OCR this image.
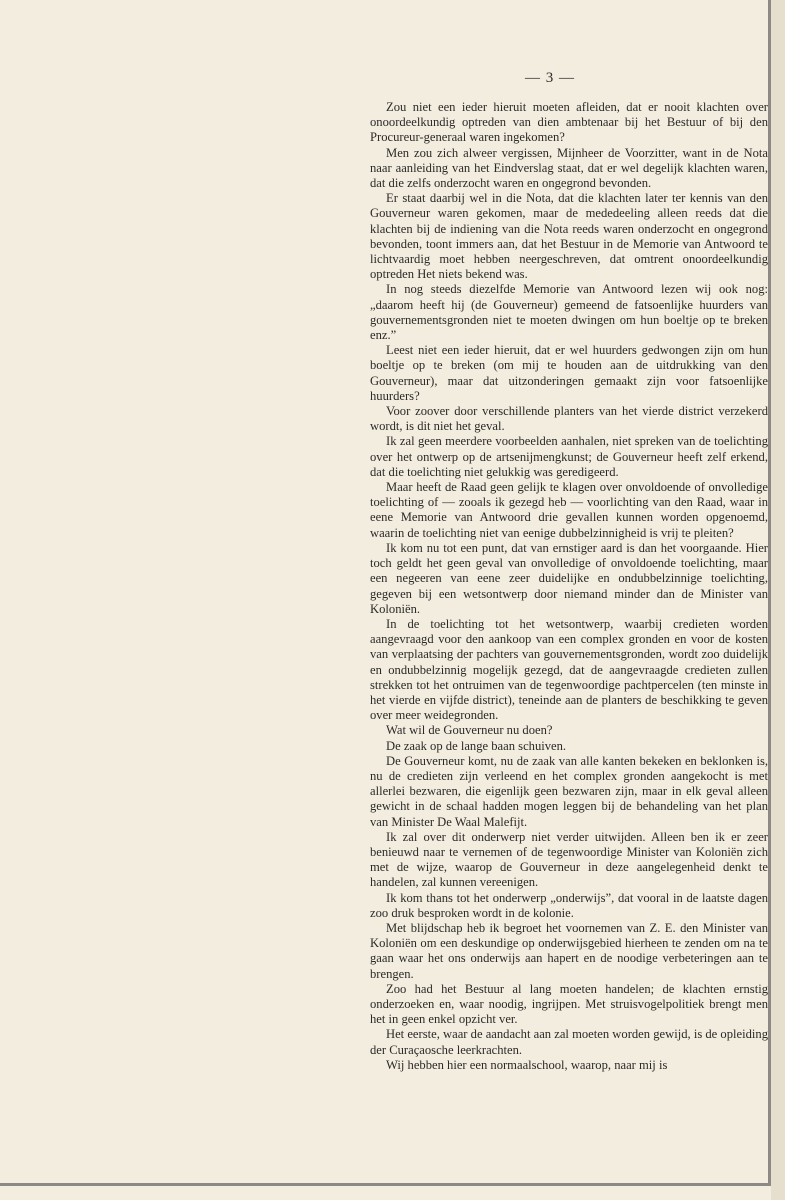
— 3 —

Zou niet een ieder hieruit moeten afleiden, dat er nooit klachten over onoordeelkundig optreden van dien ambtenaar bij het Bestuur of bij den Procureur-generaal waren ingekomen?

Men zou zich alweer vergissen, Mijnheer de Voorzitter, want in de Nota naar aanleiding van het Eindverslag staat, dat er wel degelijk klachten waren, dat die zelfs onderzocht waren en ongegrond bevonden.

Er staat daarbij wel in die Nota, dat die klachten later ter kennis van den Gouverneur waren gekomen, maar de mededeeling alleen reeds dat die klachten bij de indiening van die Nota reeds waren onderzocht en ongegrond bevonden, toont immers aan, dat het Bestuur in de Memorie van Antwoord te lichtvaardig moet hebben neergeschreven, dat omtrent onoordeelkundig optreden Het niets bekend was.

In nog steeds diezelfde Memorie van Antwoord lezen wij ook nog: „daarom heeft hij (de Gouverneur) gemeend de fatsoenlijke huurders van gouvernementsgronden niet te moeten dwingen om hun boeltje op te breken enz.”

Leest niet een ieder hieruit, dat er wel huurders gedwongen zijn om hun boeltje op te breken (om mij te houden aan de uitdrukking van den Gouverneur), maar dat uitzonderingen gemaakt zijn voor fatsoenlijke huurders?

Voor zoover door verschillende planters van het vierde district verzekerd wordt, is dit niet het geval.

Ik zal geen meerdere voorbeelden aanhalen, niet spreken van de toelichting over het ontwerp op de artsenijmengkunst; de Gouverneur heeft zelf erkend, dat die toelichting niet gelukkig was geredigeerd.

Maar heeft de Raad geen gelijk te klagen over onvoldoende of onvolledige toelichting of — zooals ik gezegd heb — voorlichting van den Raad, waar in eene Memorie van Antwoord drie gevallen kunnen worden opgenoemd, waarin de toelichting niet van eenige dubbelzinnigheid is vrij te pleiten?

Ik kom nu tot een punt, dat van ernstiger aard is dan het voorgaande. Hier toch geldt het geen geval van onvolledige of onvoldoende toelichting, maar een negeeren van eene zeer duidelijke en ondubbelzinnige toelichting, gegeven bij een wetsontwerp door niemand minder dan de Minister van Koloniën.

In de toelichting tot het wetsontwerp, waarbij credieten worden aangevraagd voor den aankoop van een complex gronden en voor de kosten van verplaatsing der pachters van gouvernementsgronden, wordt zoo duidelijk en ondubbelzinnig mogelijk gezegd, dat de aangevraagde credieten zullen strekken tot het ontruimen van de tegenwoordige pachtpercelen (ten minste in het vierde en vijfde district), teneinde aan de planters de beschikking te geven over meer weidegronden.

Wat wil de Gouverneur nu doen?

De zaak op de lange baan schuiven.

De Gouverneur komt, nu de zaak van alle kanten bekeken en beklonken is, nu de credieten zijn verleend en het complex gronden aangekocht is met allerlei bezwaren, die eigenlijk geen bezwaren zijn, maar in elk geval alleen gewicht in de schaal hadden mogen leggen bij de behandeling van het plan van Minister De Waal Malefijt.

Ik zal over dit onderwerp niet verder uitwijden. Alleen ben ik er zeer benieuwd naar te vernemen of de tegenwoordige Minister van Koloniën zich met de wijze, waarop de Gouverneur in deze aangelegenheid denkt te handelen, zal kunnen vereenigen.

Ik kom thans tot het onderwerp „onderwijs”, dat vooral in de laatste dagen zoo druk besproken wordt in de kolonie.

Met blijdschap heb ik begroet het voornemen van Z. E. den Minister van Koloniën om een deskundige op onderwijsgebied hierheen te zenden om na te gaan waar het ons onderwijs aan hapert en de noodige verbeteringen aan te brengen.

Zoo had het Bestuur al lang moeten handelen; de klachten ernstig onderzoeken en, waar noodig, ingrijpen. Met struisvogelpolitiek brengt men het in geen enkel opzicht ver.

Het eerste, waar de aandacht aan zal moeten worden gewijd, is de opleiding der Curaçaosche leerkrachten.

Wij hebben hier een normaalschool, waarop, naar mij is
